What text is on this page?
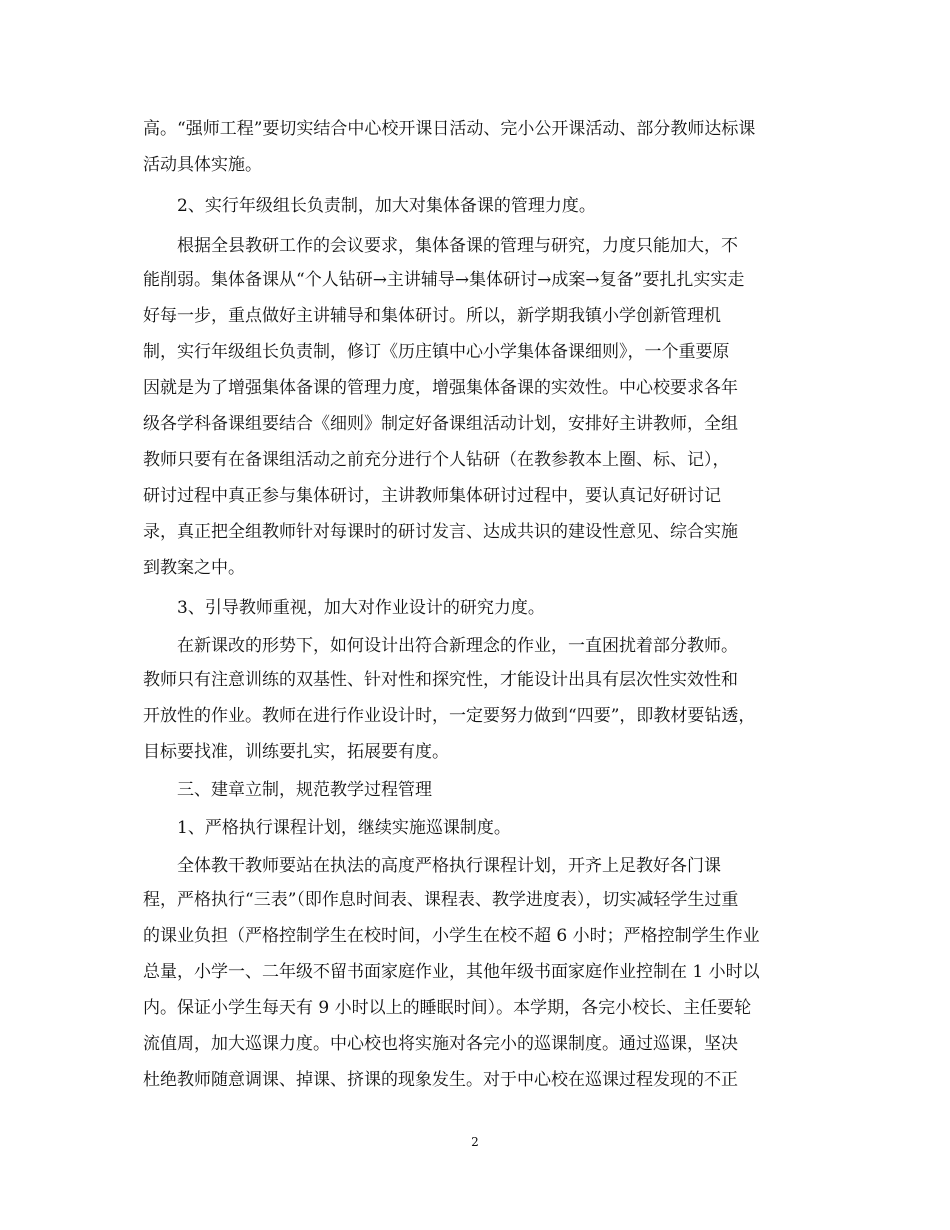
高。“强师工程”要切实结合中心校开课日活动、完小公开课活动、部分教师达标课
活动具体实施。
2、实行年级组长负责制，加大对集体备课的管理力度。
根据全县教研工作的会议要求，集体备课的管理与研究，力度只能加大，不
能削弱。集体备课从“个人钻研→主讲辅导→集体研讨→成案→复备”要扎扎实实走
好每一步，重点做好主讲辅导和集体研讨。所以，新学期我镇小学创新管理机
制，实行年级组长负责制，修订《历庄镇中心小学集体备课细则》，一个重要原
因就是为了增强集体备课的管理力度，增强集体备课的实效性。中心校要求各年
级各学科备课组要结合《细则》制定好备课组活动计划，安排好主讲教师，全组
教师只要有在备课组活动之前充分进行个人钻研（在教参教本上圈、标、记），
研讨过程中真正参与集体研讨，主讲教师集体研讨过程中，要认真记好研讨记
录，真正把全组教师针对每课时的研讨发言、达成共识的建设性意见、综合实施
到教案之中。
3、引导教师重视，加大对作业设计的研究力度。
在新课改的形势下，如何设计出符合新理念的作业，一直困扰着部分教师。
教师只有注意训练的双基性、针对性和探究性，才能设计出具有层次性实效性和
开放性的作业。教师在进行作业设计时，一定要努力做到“四要”，即教材要钻透，
目标要找准，训练要扎实，拓展要有度。
三、建章立制，规范教学过程管理
1、严格执行课程计划，继续实施巡课制度。
全体教干教师要站在执法的高度严格执行课程计划，开齐上足教好各门课
程，严格执行“三表”（即作息时间表、课程表、教学进度表），切实减轻学生过重
的课业负担（严格控制学生在校时间，小学生在校不超 6 小时；严格控制学生作业
总量，小学一、二年级不留书面家庭作业，其他年级书面家庭作业控制在 1 小时以
内。保证小学生每天有 9 小时以上的睡眠时间）。本学期，各完小校长、主任要轮
流值周，加大巡课力度。中心校也将实施对各完小的巡课制度。通过巡课，坚决
杜绝教师随意调课、掉课、挤课的现象发生。对于中心校在巡课过程发现的不正
2
